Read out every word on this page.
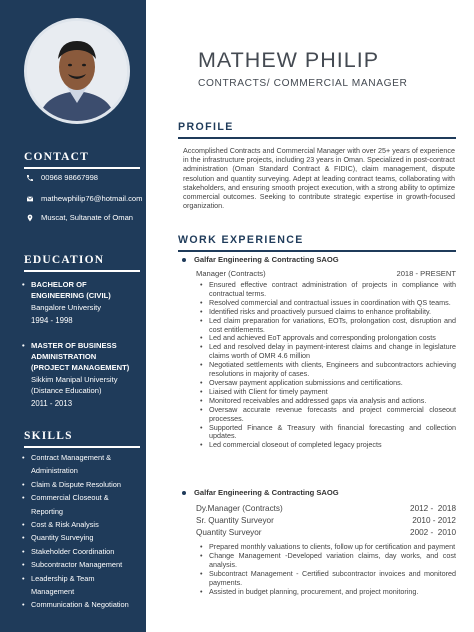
CONTACT
00968 98667998
mathewphilip76@hotmail.com
Muscat, Sultanate of Oman
EDUCATION
• BACHELOR OF
ENGINEERING (CIVIL)
Bangalore University
1994 - 1998
• MASTER OF BUSINESS
ADMINISTRATION
(PROJECT MANAGEMENT)
Sikkim Manipal University
(Distance Education)
2011 - 2013
SKILLS
• Contract Management &
Administration
• Claim & Dispute Resolution
• Commercial Closeout &
Reporting
• Cost & Risk Analysis
• Quantity Surveying
• Stakeholder Coordination
• Subcontractor Management
• Leadership & Team
Management
• Communication & Negotiation
MATHEW PHILIP
CONTRACTS/ COMMERCIAL MANAGER
PROFILE
Accomplished Contracts and Commercial Manager with over 25+ years of experience in the infrastructure projects, including 23 years in Oman. Specialized in post-contract administration (Oman Standard Contract & FIDIC), claim management, dispute resolution and quantity surveying. Adept at leading contract teams, collaborating with stakeholders, and ensuring smooth project execution, with a strong ability to optimize commercial outcomes. Seeking to contribute strategic expertise in growth-focused organization.
WORK EXPERIENCE
Galfar Engineering & Contracting SAOG
Manager (Contracts)	2018 - PRESENT
• Ensured effective contract administration of projects in compliance with contractual terms.
• Resolved commercial and contractual issues in coordination with QS teams.
• Identified risks and proactively pursued claims to enhance profitability.
• Led claim preparation for variations, EOTs, prolongation cost, disruption and cost entitlements.
• Led and achieved EoT approvals and corresponding prolongation costs
• Led and resolved delay in payment-interest claims and change in legislature claims worth of OMR 4.6 million
• Negotiated settlements with clients, Engineers and subcontractors achieving resolutions in majority of cases.
• Oversaw payment application submissions and certifications.
• Liaised with Client for timely payment
• Monitored receivables and addressed gaps via analysis and actions.
• Oversaw accurate revenue forecasts and project commercial closeout processes.
• Supported Finance & Treasury with financial forecasting and collection updates.
• Led commercial closeout of completed legacy projects
Galfar Engineering & Contracting SAOG
Dy.Manager (Contracts)	2012 -  2018
Sr. Quantity Surveyor	2010 - 2012
Quantity Surveyor	2002 -  2010
• Prepared monthly valuations to clients, follow up for certification and payment
• Change Management -Developed variation claims, day works, and cost analysis.
• Subcontract Management - Certified subcontractor invoices and monitored payments.
• Assisted in budget planning, procurement, and project monitoring.
